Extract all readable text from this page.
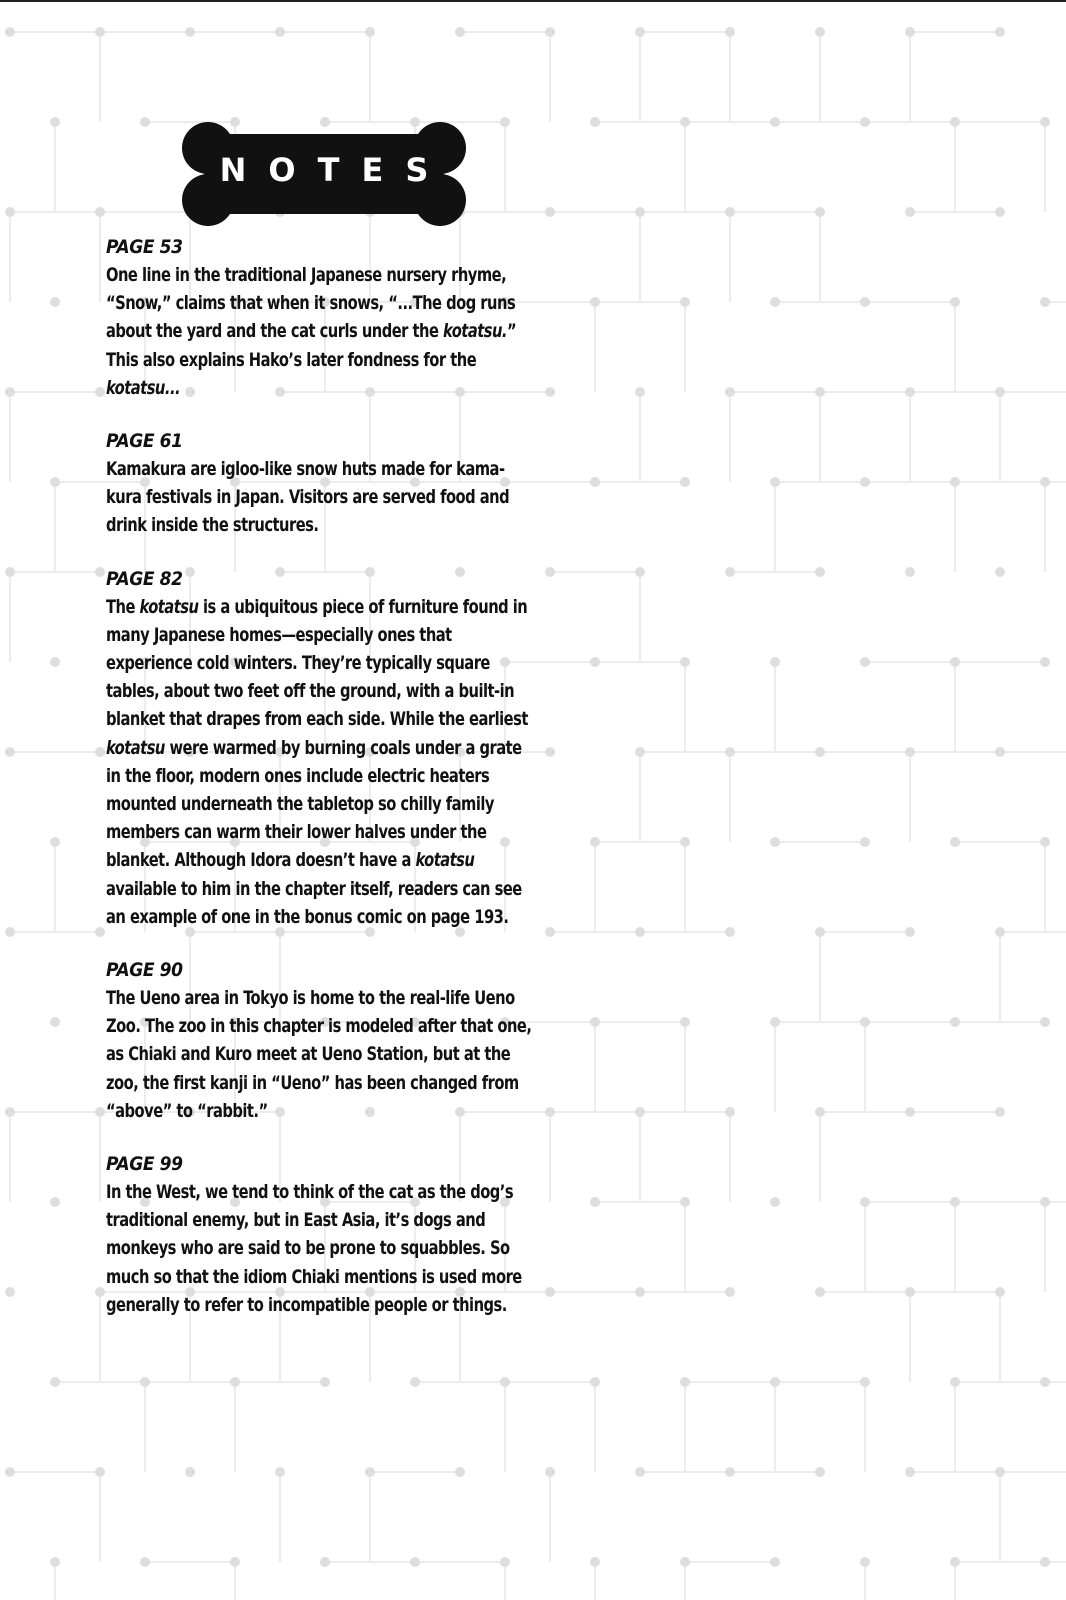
NOTES

PAGE 53

One line in the traditional Japanese nursery rhyme, “Snow,” claims that when it snows, “...The dog runs about the yard and the cat curls under the kotatsu.” This also explains Hako’s later fondness for the kotatsu...

PAGE 61

Kamakura are igloo-like snow huts made for kama-kura festivals in Japan. Visitors are served food and drink inside the structures.

PAGE 82

The kotatsu is a ubiquitous piece of furniture found in many Japanese homes—especially ones that experience cold winters. They’re typically square tables, about two feet off the ground, with a built-in blanket that drapes from each side. While the earliest kotatsu were warmed by burning coals under a grate in the floor, modern ones include electric heaters mounted underneath the tabletop so chilly family members can warm their lower halves under the blanket. Although Idora doesn’t have a kotatsu available to him in the chapter itself, readers can see an example of one in the bonus comic on page 193.

PAGE 90

The Ueno area in Tokyo is home to the real-life Ueno Zoo. The zoo in this chapter is modeled after that one, as Chiaki and Kuro meet at Ueno Station, but at the zoo, the first kanji in “Ueno” has been changed from “above” to “rabbit.”

PAGE 99

In the West, we tend to think of the cat as the dog’s traditional enemy, but in East Asia, it’s dogs and monkeys who are said to be prone to squabbles. So much so that the idiom Chiaki mentions is used more generally to refer to incompatible people or things.
